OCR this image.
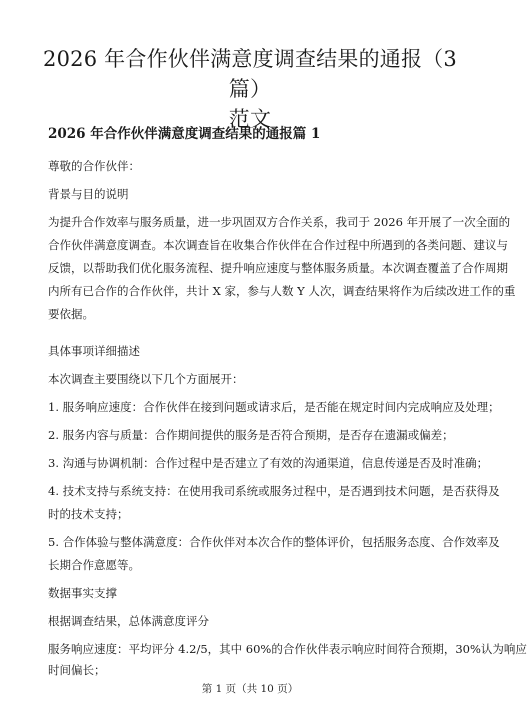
2026 年合作伙伴满意度调查结果的通报（3 篇）
范文
2026 年合作伙伴满意度调查结果的通报篇 1
尊敬的合作伙伴：
背景与目的说明
为提升合作效率与服务质量，进一步巩固双方合作关系，我司于 2026 年开展了一次全面的
合作伙伴满意度调查。本次调查旨在收集合作伙伴在合作过程中所遇到的各类问题、建议与
反馈，以帮助我们优化服务流程、提升响应速度与整体服务质量。本次调查覆盖了合作周期
内所有已合作的合作伙伴，共计 X 家，参与人数 Y 人次，调查结果将作为后续改进工作的重
要依据。
具体事项详细描述
本次调查主要围绕以下几个方面展开：
1. 服务响应速度：合作伙伴在接到问题或请求后，是否能在规定时间内完成响应及处理；
2. 服务内容与质量：合作期间提供的服务是否符合预期，是否存在遗漏或偏差；
3. 沟通与协调机制：合作过程中是否建立了有效的沟通渠道，信息传递是否及时准确；
4. 技术支持与系统支持：在使用我司系统或服务过程中，是否遇到技术问题，是否获得及
时的技术支持；
5. 合作体验与整体满意度：合作伙伴对本次合作的整体评价，包括服务态度、合作效率及
长期合作意愿等。
数据事实支撑
根据调查结果，总体满意度评分
服务响应速度：平均评分 4.2/5，其中 60%的合作伙伴表示响应时间符合预期，30%认为响应
时间偏长；
第 1 页（共 10 页）
